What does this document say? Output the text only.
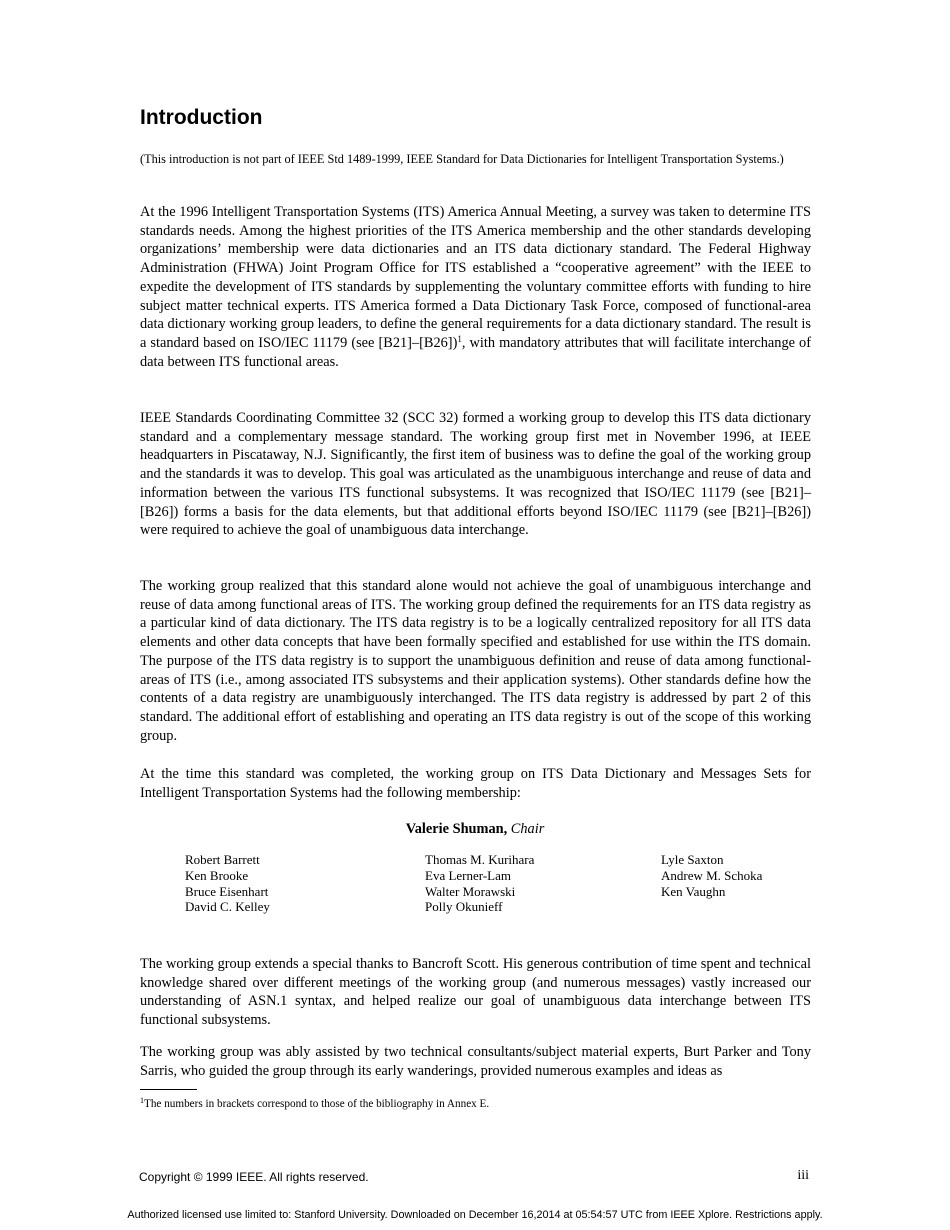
Introduction

(This introduction is not part of IEEE Std 1489-1999, IEEE Standard for Data Dictionaries for Intelligent Transportation Systems.)

At the 1996 Intelligent Transportation Systems (ITS) America Annual Meeting, a survey was taken to determine ITS standards needs. Among the highest priorities of the ITS America membership and the other standards developing organizations’ membership were data dictionaries and an ITS data dictionary standard. The Federal Highway Administration (FHWA) Joint Program Office for ITS established a “cooperative agreement” with the IEEE to expedite the development of ITS standards by supplementing the voluntary committee efforts with funding to hire subject matter technical experts. ITS America formed a Data Dictionary Task Force, composed of functional-area data dictionary working group leaders, to define the general requirements for a data dictionary standard. The result is a standard based on ISO/IEC 11179 (see [B21]–[B26])$^1$, with mandatory attributes that will facilitate interchange of data between ITS functional areas.

IEEE Standards Coordinating Committee 32 (SCC 32) formed a working group to develop this ITS data dictionary standard and a complementary message standard. The working group first met in November 1996, at IEEE headquarters in Piscataway, N.J. Significantly, the first item of business was to define the goal of the working group and the standards it was to develop. This goal was articulated as the unambiguous interchange and reuse of data and information between the various ITS functional subsystems. It was recognized that ISO/IEC 11179 (see [B21]–[B26]) forms a basis for the data elements, but that additional efforts beyond ISO/IEC 11179 (see [B21]–[B26]) were required to achieve the goal of unambiguous data interchange.

The working group realized that this standard alone would not achieve the goal of unambiguous interchange and reuse of data among functional areas of ITS. The working group defined the requirements for an ITS data registry as a particular kind of data dictionary. The ITS data registry is to be a logically centralized repository for all ITS data elements and other data concepts that have been formally specified and established for use within the ITS domain. The purpose of the ITS data registry is to support the unambiguous definition and reuse of data among functional-areas of ITS (i.e., among associated ITS subsystems and their application systems). Other standards define how the contents of a data registry are unambiguously interchanged. The ITS data registry is addressed by part 2 of this standard. The additional effort of establishing and operating an ITS data registry is out of the scope of this working group.

At the time this standard was completed, the working group on ITS Data Dictionary and Messages Sets for Intelligent Transportation Systems had the following membership:

Valerie Shuman, Chair
Robert Barrett
Ken Brooke
Bruce Eisenhart
David C. Kelley
Thomas M. Kurihara
Eva Lerner-Lam
Walter Morawski
Polly Okunieff
Lyle Saxton
Andrew M. Schoka
Ken Vaughn

The working group extends a special thanks to Bancroft Scott. His generous contribution of time spent and technical knowledge shared over different meetings of the working group (and numerous messages) vastly increased our understanding of ASN.1 syntax, and helped realize our goal of unambiguous data interchange between ITS functional subsystems.

The working group was ably assisted by two technical consultants/subject material experts, Burt Parker and Tony Sarris, who guided the group through its early wanderings, provided numerous examples and ideas as

$^1$The numbers in brackets correspond to those of the bibliography in Annex E.

Copyright © 1999 IEEE. All rights reserved.	iii

Authorized licensed use limited to: Stanford University. Downloaded on December 16,2014 at 05:54:57 UTC from IEEE Xplore. Restrictions apply.
